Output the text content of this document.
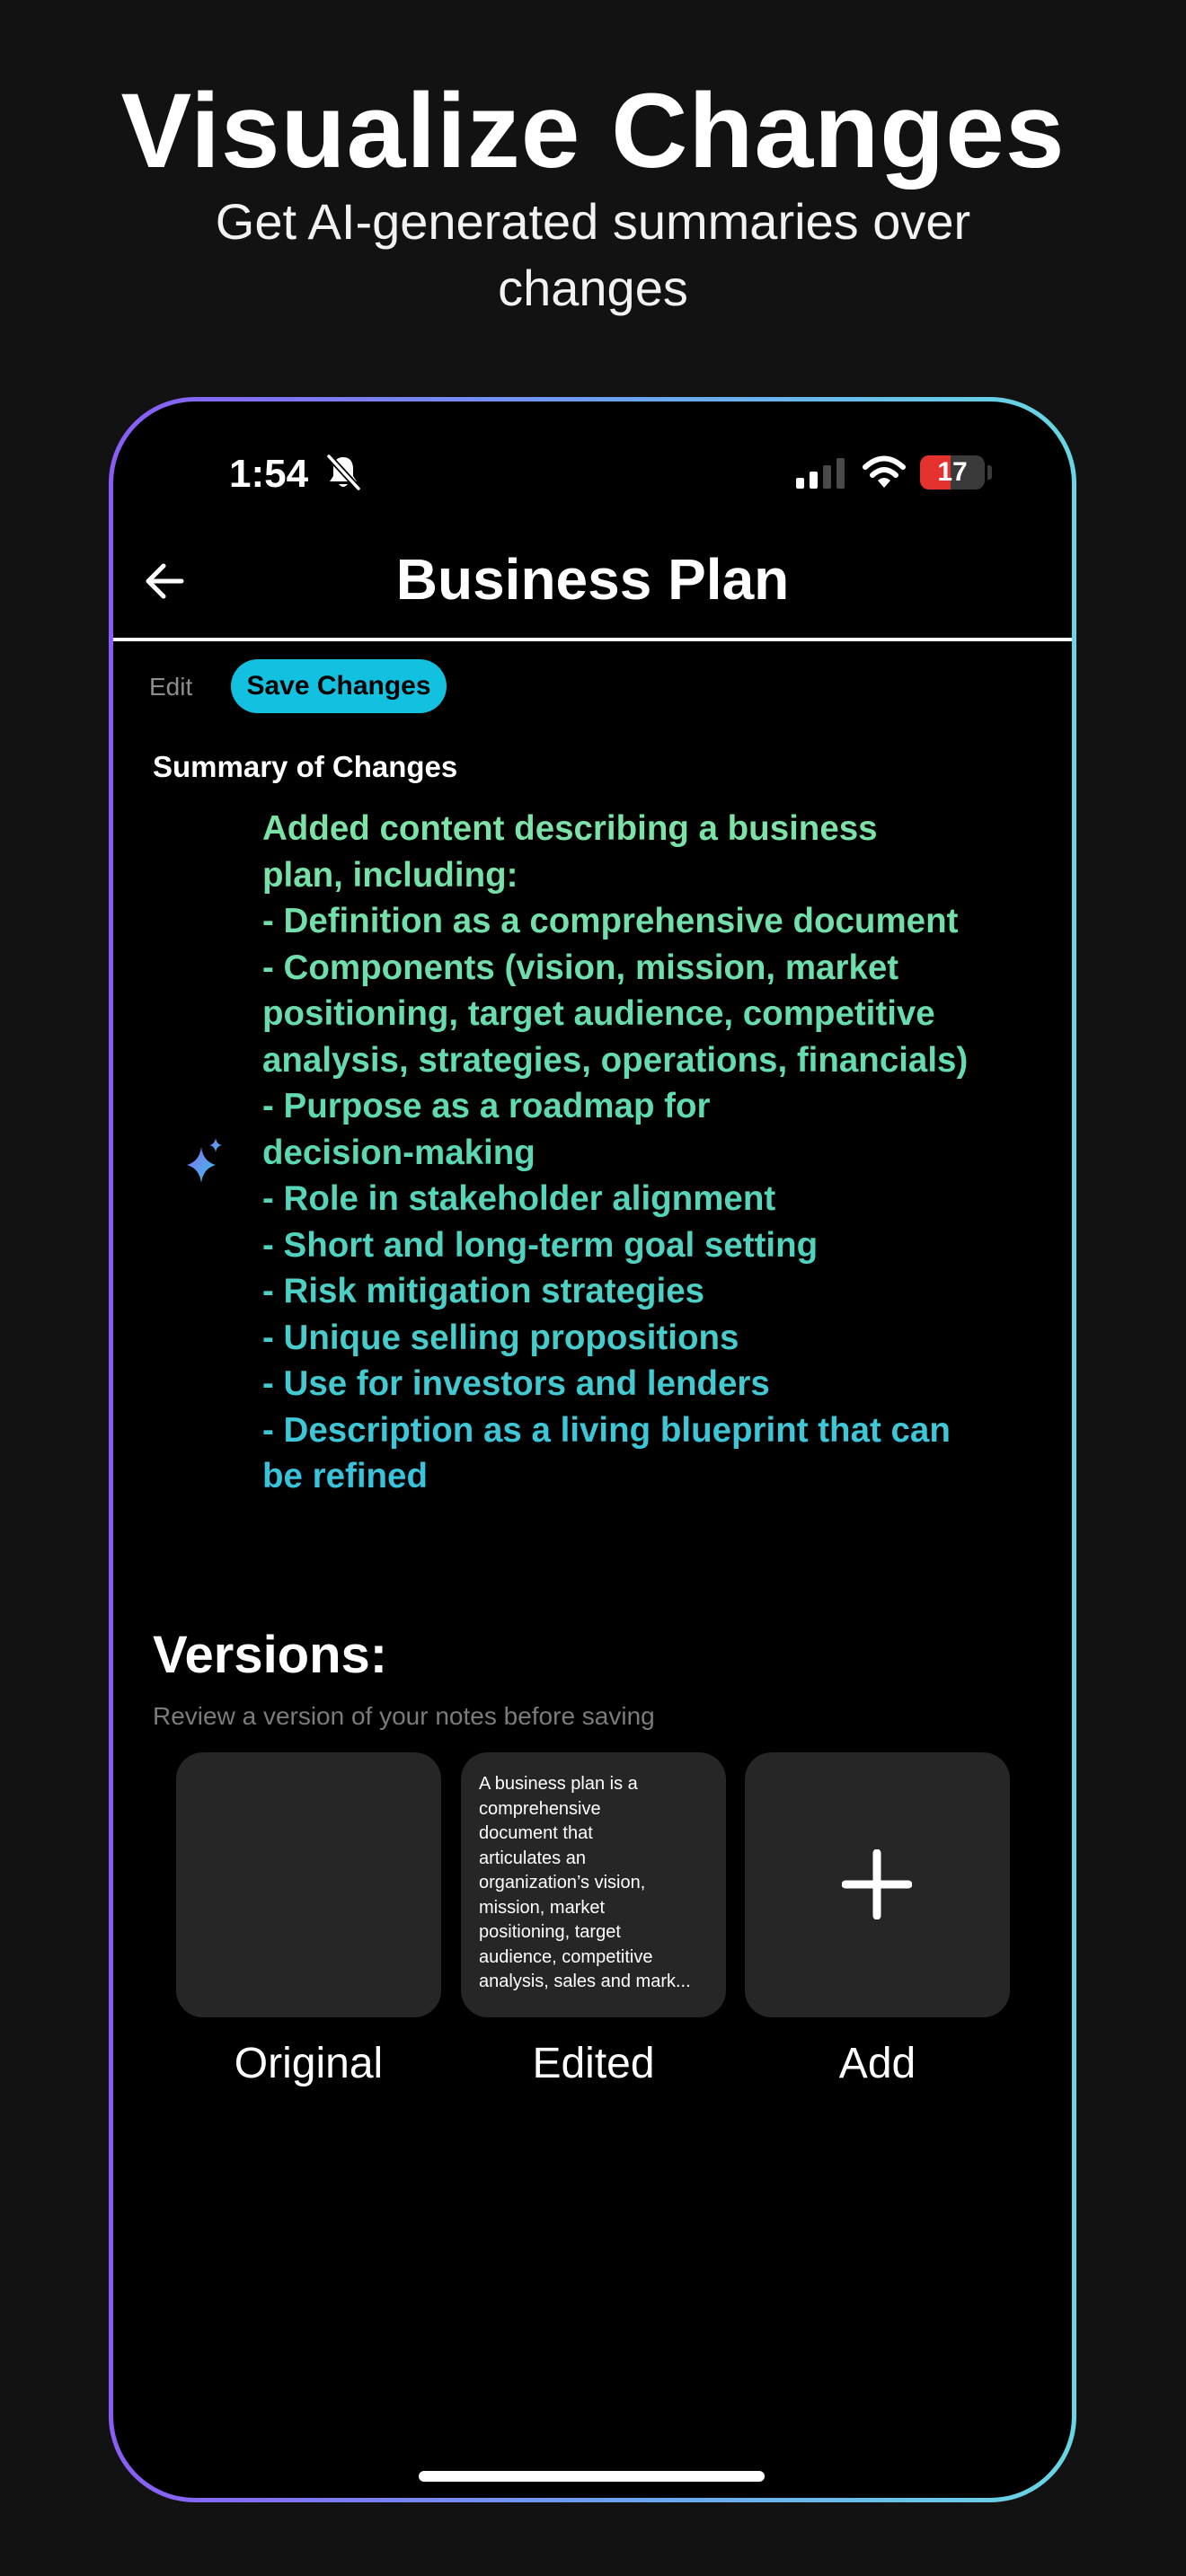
Visualize Changes
Get AI-generated summaries over
changes
1:54	17
Business Plan
Edit	Save Changes
Summary of Changes
Added content describing a business
plan, including:
- Definition as a comprehensive document
- Components (vision, mission, market
positioning, target audience, competitive
analysis, strategies, operations, financials)
- Purpose as a roadmap for
decision-making
- Role in stakeholder alignment
- Short and long-term goal setting
- Risk mitigation strategies
- Unique selling propositions
- Use for investors and lenders
- Description as a living blueprint that can
be refined
Versions:
Review a version of your notes before saving
A business plan is a
comprehensive
document that
articulates an
organization’s vision,
mission, market
positioning, target
audience, competitive
analysis, sales and mark...
Original	Edited	Add
